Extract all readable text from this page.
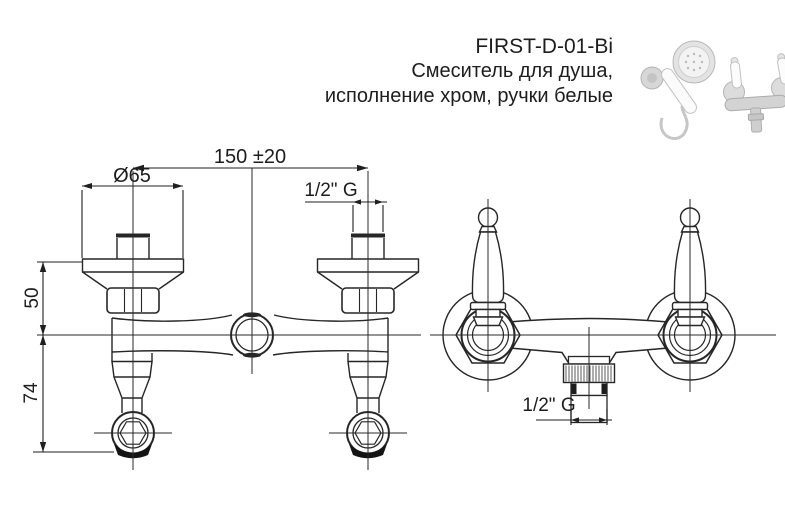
FIRST-D-01-Bi
Смеситель для душа,
исполнение хром, ручки белые
150 ±20
Ø65
1/2" G
50
74
1/2" G
